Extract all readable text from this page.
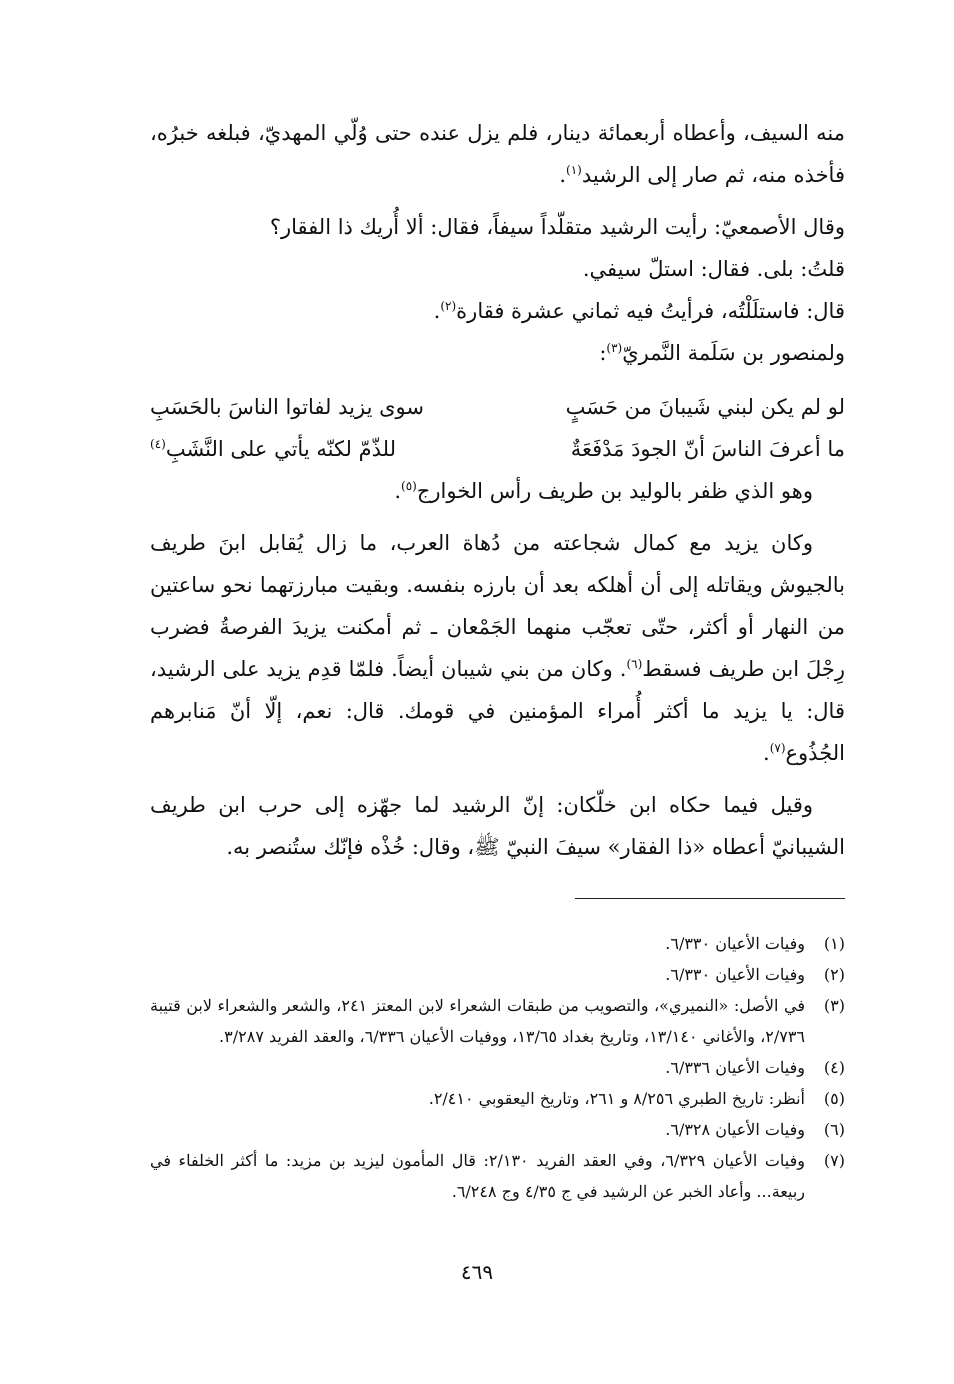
منه السيف، وأعطاه أربعمائة دينار، فلم يزل عنده حتى وُلّي المهديّ، فبلغه خبرُه، فأخذه منه، ثم صار إلى الرشيد$^{(١)}$.

وقال الأصمعيّ: رأيت الرشيد متقلّداً سيفاً، فقال: ألا أُريك ذا الفقار؟

قلتُ: بلى. فقال: استلّ سيفي.

قال: فاستلَلْتُه، فرأيتُ فيه ثماني عشرة فقارة$^{(٢)}$.

ولمنصور بن سَلَمة النَّمريّ$^{(٣)}$:

لو لم يكن لبني شَيبانَ من حَسَبٍ
سوى يزيد لفاتوا الناسَ بالحَسَبِ
ما أعرفَ الناسَ أنّ الجودَ مَدْفَعَةٌ
للذّمّ لكنّه يأتي على النَّشَبِ$^{(٤)}$

وهو الذي ظفر بالوليد بن طريف رأس الخوارج$^{(٥)}$.

وكان يزيد مع كمال شجاعته من دُهاة العرب، ما زال يُقابل ابنَ طريف بالجيوش ويقاتله إلى أن أهلكه بعد أن بارزه بنفسه. وبقيت مبارزتهما نحو ساعتين من النهار أو أكثر، حتّى تعجّب منهما الجَمْعان ـ ثم أمكنت يزيدَ الفرصةُ فضرب رِجْلَ ابن طريف فسقط$^{(٦)}$. وكان من بني شيبان أيضاً. فلمّا قدِم يزيد على الرشيد، قال: يا يزيد ما أكثر أُمراء المؤمنين في قومك. قال: نعم، إلّا أنّ مَنابرهم الجُذُوع$^{(٧)}$.

وقيل فيما حكاه ابن خلّكان: إنّ الرشيد لما جهّزه إلى حرب ابن طريف الشيبانيّ أعطاه «ذا الفقار» سيفَ النبيّ ﷺ، وقال: خُذْه فإنّك ستُنصر به.

(١)
وفيات الأعيان ٦/٣٣٠.
(٢)
وفيات الأعيان ٦/٣٣٠.
(٣)
في الأصل: «النميري»، والتصويب من طبقات الشعراء لابن المعتز ٢٤١، والشعر والشعراء لابن قتيبة ٢/٧٣٦، والأغاني ١٣/١٤٠، وتاريخ بغداد ١٣/٦٥، ووفيات الأعيان ٦/٣٣٦، والعقد الفريد ٣/٢٨٧.
(٤)
وفيات الأعيان ٦/٣٣٦.
(٥)
أنظر: تاريخ الطبري ٨/٢٥٦ و ٢٦١، وتاريخ اليعقوبي ٢/٤١٠.
(٦)
وفيات الأعيان ٦/٣٢٨.
(٧)
وفيات الأعيان ٦/٣٢٩، وفي العقد الفريد ٢/١٣٠: قال المأمون ليزيد بن مزيد: ما أكثر الخلفاء في ربيعة... وأعاد الخبر عن الرشيد في ج ٤/٣٥ وج ٦/٢٤٨.
٤٦٩
